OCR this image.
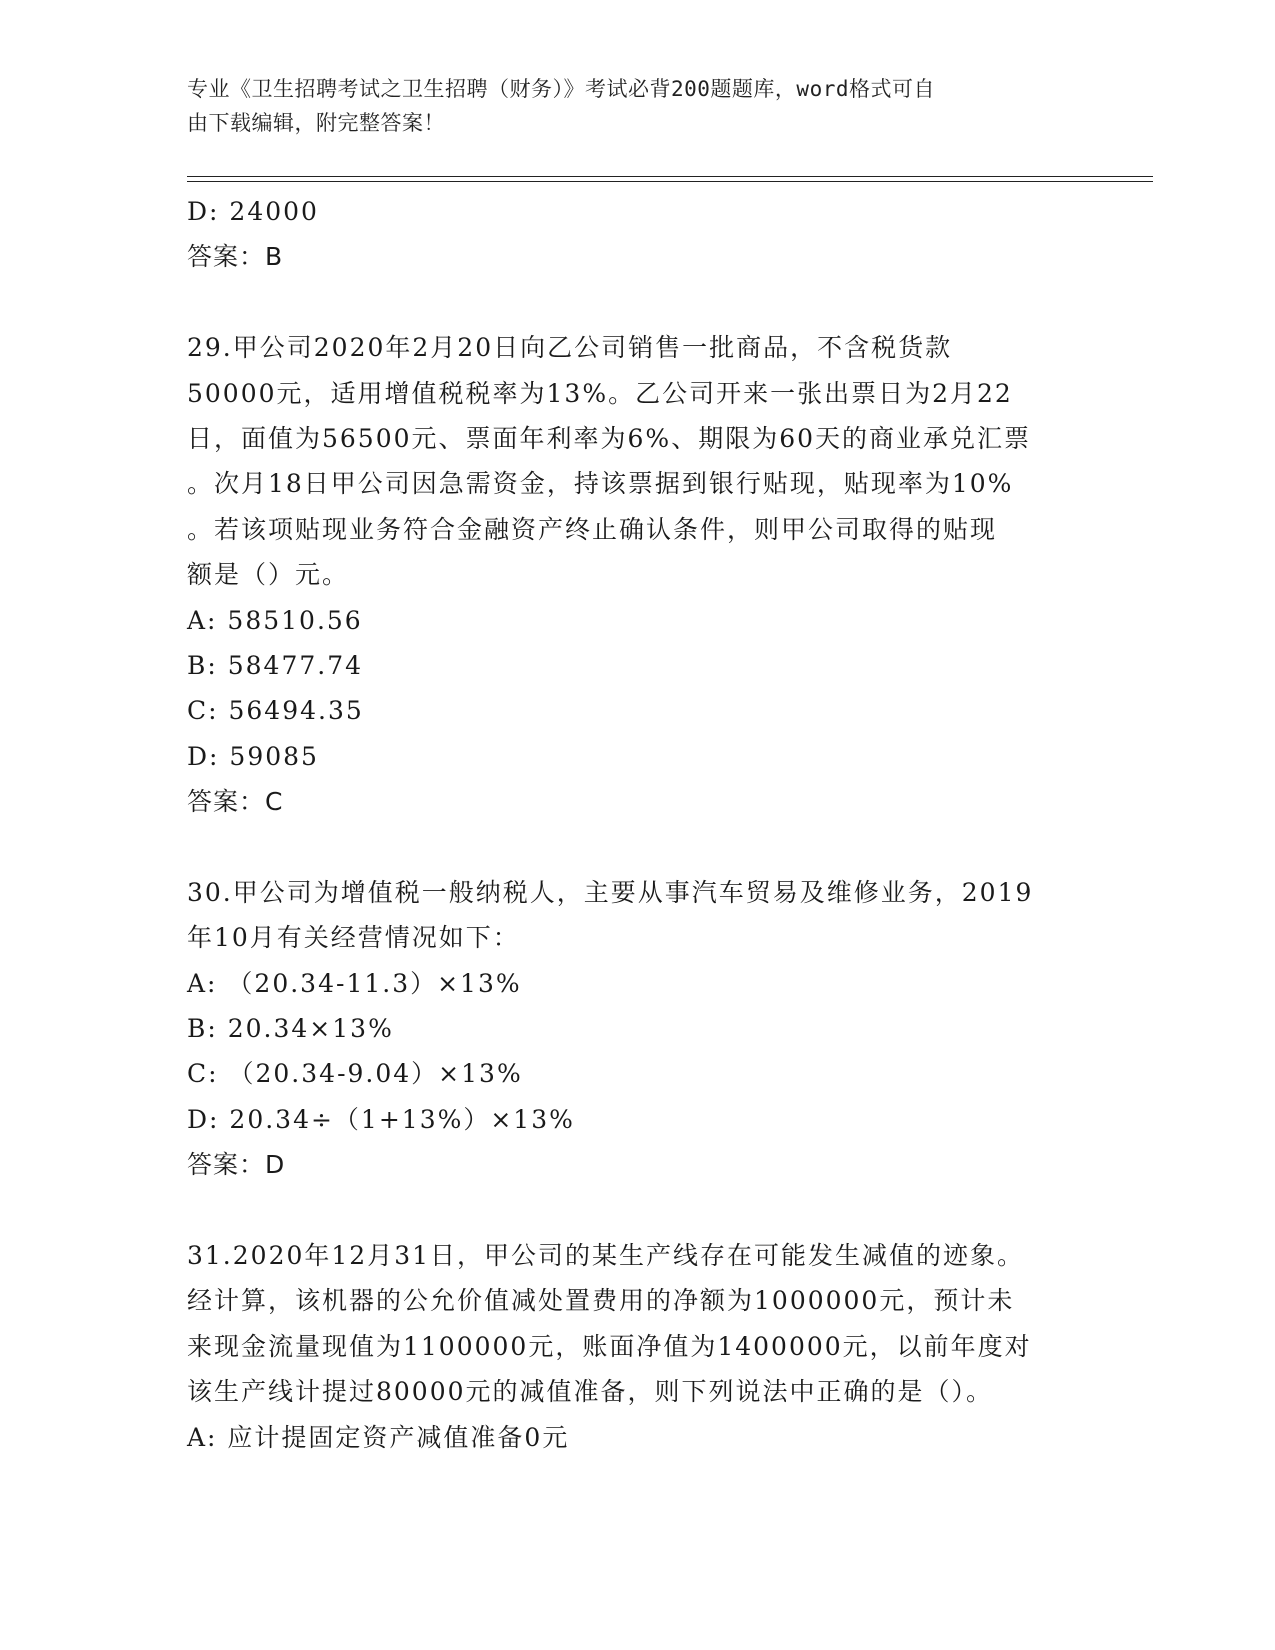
专业《卫生招聘考试之卫生招聘（财务）》考试必背200题题库，word格式可自
由下载编辑，附完整答案！
D: 24000
答案：B
29.甲公司2020年2月20日向乙公司销售一批商品，不含税货款
50000元，适用增值税税率为13%。乙公司开来一张出票日为2月22
日，面值为56500元、票面年利率为6%、期限为60天的商业承兑汇票
。次月18日甲公司因急需资金，持该票据到银行贴现，贴现率为10%
。若该项贴现业务符合金融资产终止确认条件，则甲公司取得的贴现
额是（）元。
A: 58510.56
B: 58477.74
C: 56494.35
D: 59085
答案：C
30.甲公司为增值税一般纳税人，主要从事汽车贸易及维修业务，2019
年10月有关经营情况如下：
A: （20.34-11.3）×13%
B: 20.34×13%
C: （20.34-9.04）×13%
D: 20.34÷（1+13%）×13%
答案：D
31.2020年12月31日，甲公司的某生产线存在可能发生减值的迹象。
经计算，该机器的公允价值减处置费用的净额为1000000元，预计未
来现金流量现值为1100000元，账面净值为1400000元，以前年度对
该生产线计提过80000元的减值准备，则下列说法中正确的是（）。
A: 应计提固定资产减值准备0元
